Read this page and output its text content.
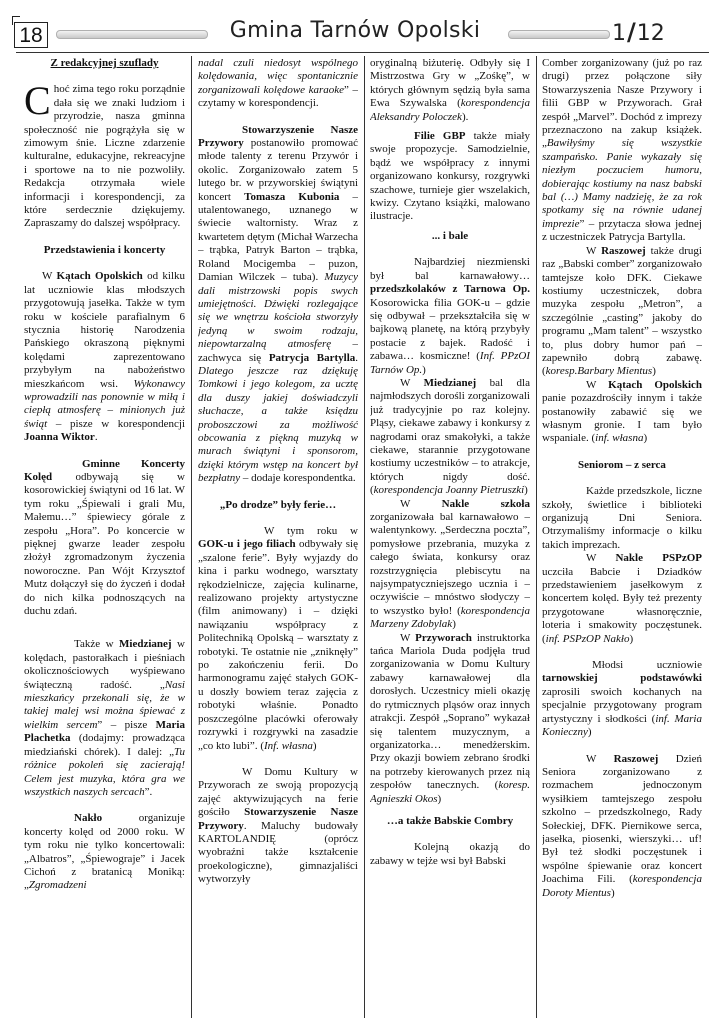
18	Gmina Tarnów Opolski	1/12
Z redakcyjnej szuflady

Choć zima tego roku porządnie dała się we znaki ludziom i przyrodzie, nasza gminna społeczność nie pogrążyła się w zimowym śnie. Liczne zdarzenie kulturalne, edukacyjne, rekreacyjne i sportowe na to nie pozwoliły. Redakcja otrzymała wiele informacji i korespondencji, za które serdecznie dziękujemy. Zapraszamy do dalszej współpracy.

Przedstawienia i koncerty

W Kątach Opolskich od kilku lat uczniowie klas młodszych przygotowują jasełka. Także w tym roku w kościele parafialnym 6 stycznia historię Narodzenia Pańskiego okraszoną pięknymi kolędami zaprezentowano przybyłym na nabożeństwo mieszkańcom wsi. Wykonawcy wprowadzili nas ponownie w miłą i ciepłą atmosferę – minionych już świąt – pisze w korespondencji Joanna Wiktor.

Gminne Koncerty Kolęd odbywają się w kosorowickiej świątyni od 16 lat. W tym roku „Śpiewali i grali Mu, Małemu…” śpiewiecy górale z zespołu „Hora”. Po koncercie w pięknej gwarze leader zespołu złożył zgromadzonym życzenia noworoczne. Pan Wójt Krzysztof Mutz dołączył się do życzeń i dodał do nich kilka podnoszących na duchu zdań.

Także w Miedzianej w kolędach, pastorałkach i pieśniach okolicznościowych wyśpiewano świąteczną radość. „Nasi mieszkańcy przekonali się, że w takiej malej wsi można śpiewać z wielkim sercem” – pisze Maria Plachetka (dodajmy: prowadząca miedziański chórek). I dalej: „Tu różnice pokoleń się zacierają! Celem jest muzyka, która gra we wszystkich naszych sercach”.

Nakło organizuje koncerty kolęd od 2000 roku. W tym roku nie tylko koncertowali: „Albatros”, „Śpiewograje” i Jacek Cichoń z bratanicą Moniką: „Zgromadzeni

nadal czuli niedosyt wspólnego kolędowania, więc spontanicznie zorganizowali kolędowe karaoke” – czytamy w korespondencji.

Stowarzyszenie Nasze Przywory postanowiło promować młode talenty z terenu Przywór i okolic. Zorganizowało zatem 5 lutego br. w przyworskiej świątyni koncert Tomasza Kubonia – utalentowanego, uznanego w świecie waltornisty. Wraz z kwartetem dętym (Michał Warzecha – trąbka, Patryk Barton – trąbka, Roland Mocigemba – puzon, Damian Wilczek – tuba). Muzycy dali mistrzowski popis swych umiejętności. Dźwięki rozlegające się we wnętrzu kościoła stworzyły jedyną w swoim rodzaju, niepowtarzalną atmosferę – zachwyca się Patrycja Bartylla. Dlatego jeszcze raz dziękuję Tomkowi i jego kolegom, za ucztę dla duszy jakiej doświadczyli słuchacze, a także księdzu proboszczowi za możliwość obcowania z piękną muzyką w murach świątyni i sponsorom, dzięki którym wstęp na koncert był bezpłatny – dodaje korespondentka.

„Po drodze” były ferie…

W tym roku w GOK-u i jego filiach odbywały się „szalone ferie”. Były wyjazdy do kina i parku wodnego, warsztaty rękodzielnicze, zajęcia kulinarne, realizowano projekty artystyczne (film animowany) i – dzięki nawiązaniu współpracy z Politechniką Opolską – warsztaty z robotyki. Te ostatnie nie „zniknęły” po zakończeniu ferii. Do harmonogramu zajęć stałych GOK-u doszły bowiem teraz zajęcia z robotyki właśnie. Ponadto poszczególne placówki oferowały rozrywki i rozgrywki na zasadzie „co kto lubi”. (Inf. własna)

W Domu Kultury w Przyworach ze swoją propozycją zajęć aktywizujących na ferie gościło Stowarzyszenie Nasze Przywory. Maluchy budowały KARTOLANDIĘ (oprócz wyobraźni także kształcenie proekologiczne), gimnazjaliści wytworzyły

oryginalną biżuterię. Odbyły się I Mistrzostwa Gry w „Zośkę”, w których głównym sędzią była sama Ewa Szywalska (korespondencja Aleksandry Poloczek).

Filie GBP także miały swoje propozycje. Samodzielnie, bądź we współpracy z innymi organizowano konkursy, rozgrywki szachowe, turnieje gier wszelakich, kwizy. Czytano książki, malowano ilustracje.

... i bale

Najbardziej niezmienski był bal karnawałowy… przedszkolaków z Tarnowa Op. Kosorowicka filia GOK-u – gdzie się odbywał – przekształciła się w bajkową planetę, na którą przybyły postacie z bajek. Radość i zabawa… kosmiczne! (Inf. PPzOI Tarnów Op.)

W Miedzianej bal dla najmłodszych dorośli zorganizowali już tradycyjnie po raz kolejny. Pląsy, ciekawe zabawy i konkursy z nagrodami oraz smakołyki, a także ciekawe, starannie przygotowane kostiumy uczestników – to atrakcje, których nigdy dość. (korespondencja Joanny Pietruszki)

W Nakle szkoła zorganizowała bal karnawałowo – walentynkowy. „Serdeczna poczta”, pomysłowe przebrania, muzyka z całego świata, konkursy oraz rozstrzygnięcia plebiscytu na najsympatyczniejszego ucznia i – oczywiście – mnóstwo słodyczy – to wszystko było! (korespondencja Marzeny Zdobylak)

W Przyworach instruktorka tańca Mariola Duda podjęła trud zorganizowania w Domu Kultury zabawy karnawałowej dla dorosłych. Uczestnicy mieli okazję do rytmicznych pląsów oraz innych atrakcji. Zespół „Soprano” wykazał się talentem muzycznym, a organizatorka… menedżerskim. Przy okazji bowiem zebrano środki na potrzeby kierowanych przez nią zespołów tanecznych. (koresp. Agnieszki Okos)

…a także Babskie Combry

Kolejną okazją do zabawy w tejże wsi był Babski

Comber zorganizowany (już po raz drugi) przez połączone siły Stowarzyszenia Nasze Przywory i filii GBP w Przyworach. Grał zespół „Marvel”. Dochód z imprezy przeznaczono na zakup książek. „Bawiłyśmy się wszystkie szampańsko. Panie wykazały się niezłym poczuciem humoru, dobierając kostiumy na nasz babski bal (…) Mamy nadzieję, że za rok spotkamy się na równie udanej imprezie” – przytacza słowa jednej z uczestniczek Patrycja Bartylla.

W Raszowej także drugi raz „Babski comber” zorganizowało tamtejsze koło DFK. Ciekawe kostiumy uczestniczek, dobra muzyka zespołu „Metron”, a szczególnie „casting” jakoby do programu „Mam talent” – wszystko to, plus dobry humor pań – zapewniło dobrą zabawę. (koresp.Barbary Mientus)

W Kątach Opolskich panie pozazdrościły innym i także postanowiły zabawić się we własnym gronie. I tam było wspaniale. (inf. własna)

Seniorom – z serca

Każde przedszkole, liczne szkoły, świetlice i biblioteki organizują Dni Seniora. Otrzymaliśmy informacje o kilku takich imprezach.

W Nakle PSPzOP uczciła Babcie i Dziadków przedstawieniem jasełkowym z koncertem kolęd. Były też prezenty przygotowane własnoręcznie, loteria i smakowity poczęstunek. (inf. PSPzOP Nakło)

Młodsi uczniowie tarnowskiej podstawówki zaprosili swoich kochanych na specjalnie przygotowany program artystyczny i słodkości (inf. Maria Konieczny)

W Raszowej Dzień Seniora zorganizowano z rozmachem jednoczonym wysiłkiem tamtejszego zespołu szkolno – przedszkolnego, Rady Sołeckiej, DFK. Piernikowe serca, jasełka, piosenki, wierszyki… uf! Był też słodki poczęstunek i wspólne śpiewanie oraz koncert Joachima Fili. (korespondencja Doroty Mientus)
